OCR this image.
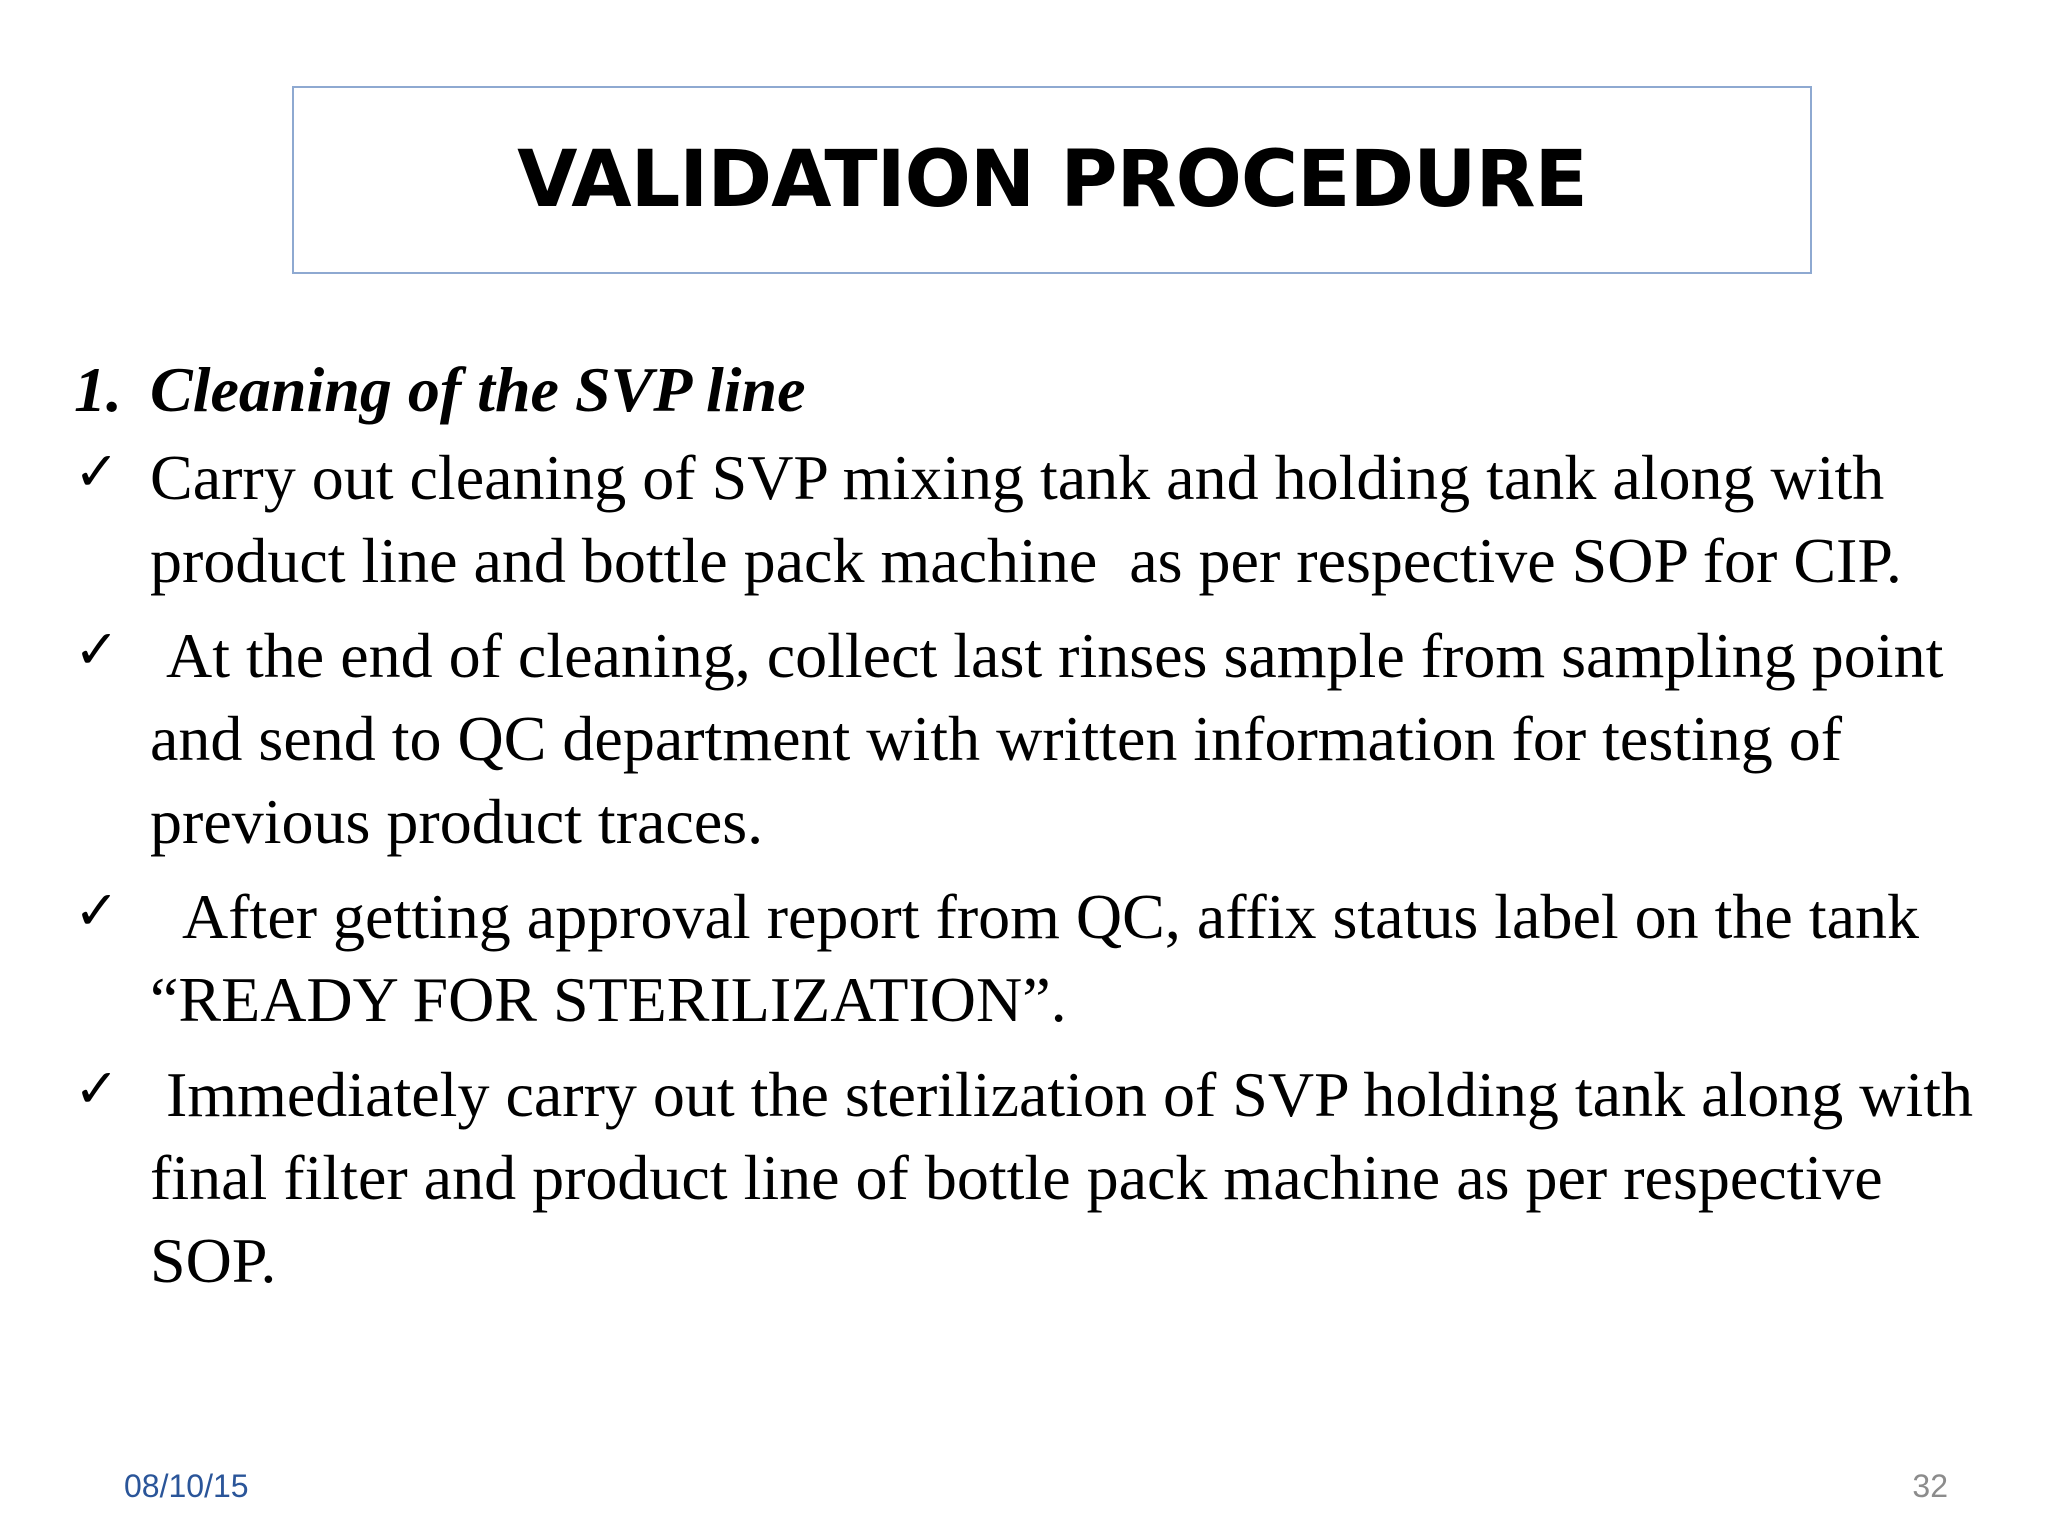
VALIDATION PROCEDURE
1. Cleaning of the SVP line
✓ Carry out cleaning of SVP mixing tank and holding tank along with product line and bottle pack machine  as per respective SOP for CIP.
✓ At the end of cleaning, collect last rinses sample from sampling point and send to QC department with written information for testing of previous product traces.
✓ After getting approval report from QC, affix status label on the tank “READY FOR STERILIZATION”.
✓ Immediately carry out the sterilization of SVP holding tank along with final filter and product line of bottle pack machine as per respective SOP.
08/10/15	32
